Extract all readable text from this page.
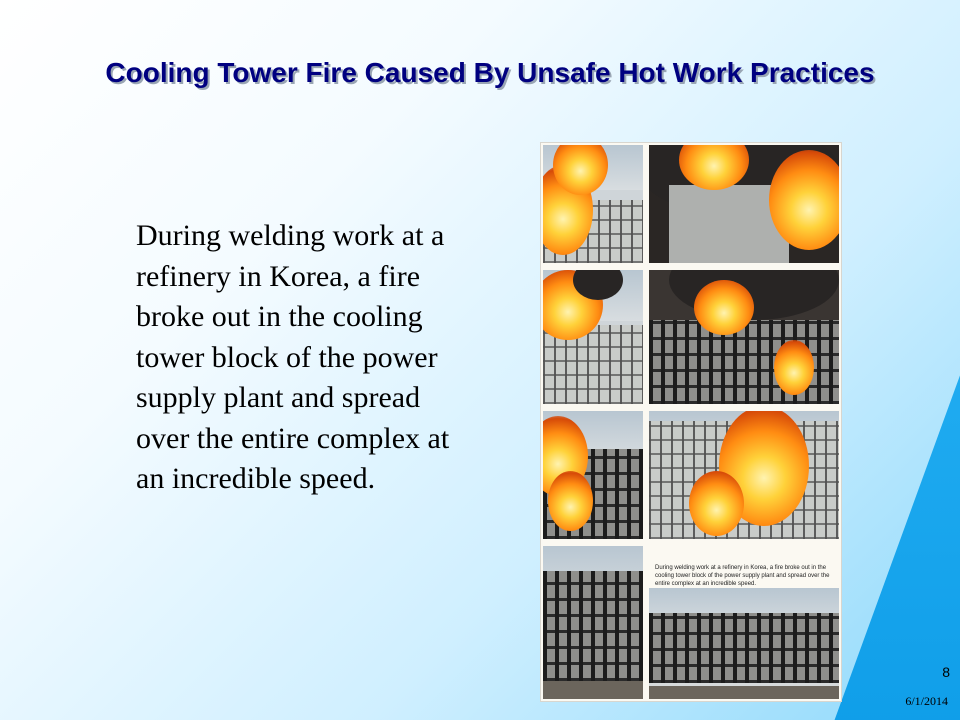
Cooling Tower Fire Caused By Unsafe Hot Work Practices
During welding work at a refinery in Korea, a fire broke out in the cooling tower block of the power supply plant and spread over the entire complex at an incredible speed.
During welding work at a refinery in Korea, a fire broke out in the cooling tower block of the power supply plant and spread over the entire complex at an incredible speed.
8
6/1/2014
